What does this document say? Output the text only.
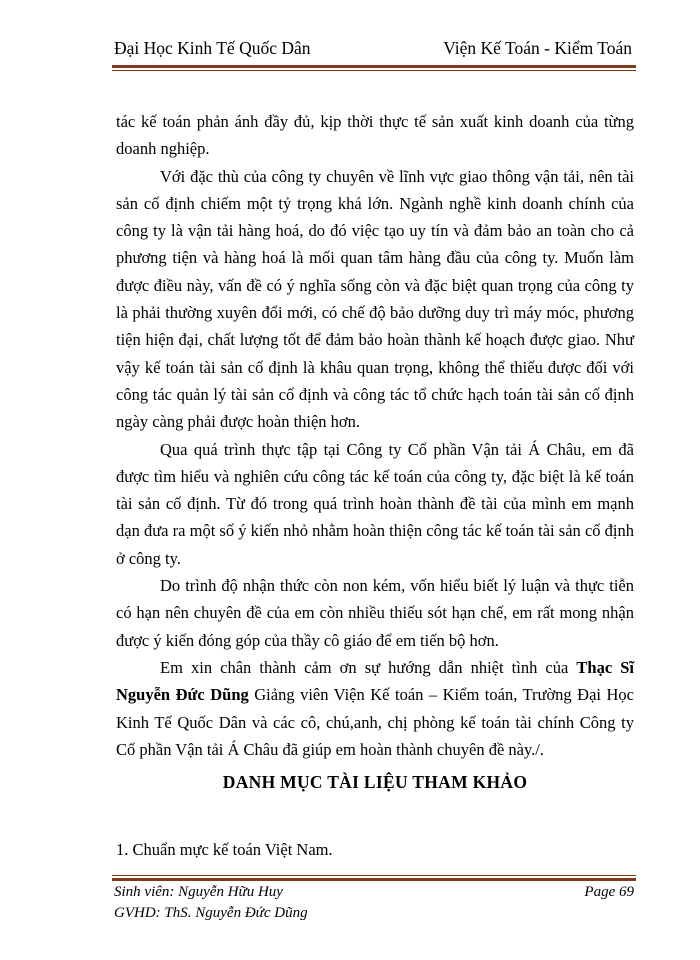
Đại Học Kinh Tế Quốc Dân	Viện Kế Toán - Kiểm Toán

tác kế toán phản ánh đầy đủ, kịp thời thực tế sản xuất kinh doanh của từng doanh nghiệp.

Với đặc thù của công ty chuyên về lĩnh vực giao thông vận tải, nên tài sản cố định chiếm một tỷ trọng khá lớn. Ngành nghề kinh doanh chính của công ty là vận tải hàng hoá, do đó việc tạo uy tín và đảm bảo an toàn cho cả phương tiện và hàng hoá là mối quan tâm hàng đầu của công ty. Muốn làm được điều này, vấn đề có ý nghĩa sống còn và đặc biệt quan trọng của công ty là phải thường xuyên đổi mới, có chế độ bảo dưỡng duy trì máy móc, phương tiện hiện đại, chất lượng tốt để đảm bảo hoàn thành kế hoạch được giao. Như vậy kế toán tài sản cố định là khâu quan trọng, không thể thiếu được đối với công tác quản lý tài sản cố định và công tác tổ chức hạch toán tài sản cố định ngày càng phải được hoàn thiện hơn.

Qua quá trình thực tập tại Công ty Cổ phần Vận tải Á Châu, em đã được tìm hiểu và nghiên cứu công tác kế toán của công ty, đặc biệt là kế toán tài sản cố định. Từ đó trong quá trình hoàn thành đề tài của mình em mạnh dạn đưa ra một số ý kiến nhỏ nhằm hoàn thiện công tác kế toán tài sản cố định ở công ty.

Do trình độ nhận thức còn non kém, vốn hiểu biết lý luận và thực tiễn có hạn nên chuyên đề của em còn nhiều thiếu sót hạn chế, em rất mong nhận được ý kiến đóng góp của thầy cô giáo để em tiến bộ hơn.

Em xin chân thành cảm ơn sự hướng dẫn nhiệt tình của Thạc Sĩ Nguyễn Đức Dũng Giảng viên Viện Kế toán – Kiểm toán, Trường Đại Học Kinh Tế Quốc Dân và các cô, chú,anh, chị phòng kế toán tài chính Công ty Cổ phần Vận tải Á Châu đã giúp em hoàn thành chuyên đề này./.

DANH MỤC TÀI LIỆU THAM KHẢO

1. Chuẩn mực kế toán Việt Nam.

Sinh viên: Nguyễn Hữu Huy	Page 69
GVHD: ThS. Nguyễn Đức Dũng
